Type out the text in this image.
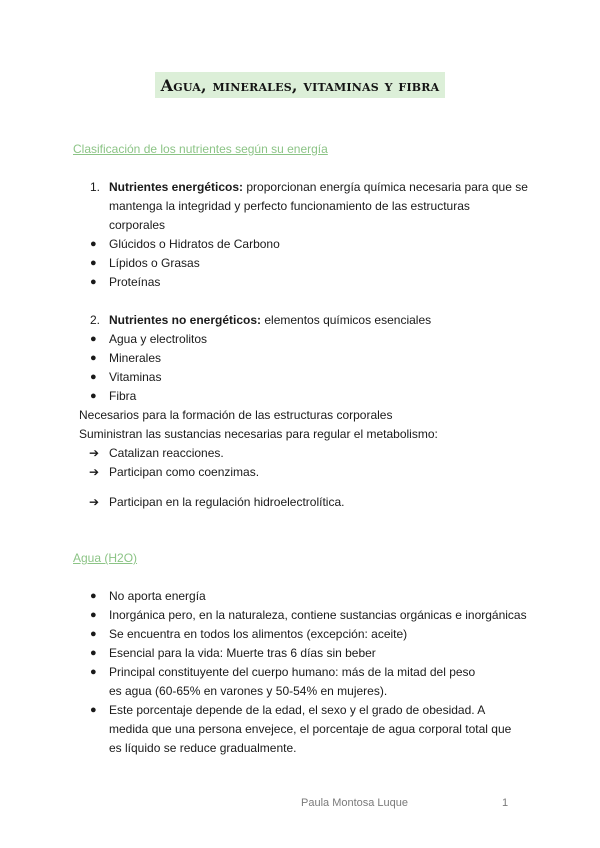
Agua, minerales, vitaminas y fibra
Clasificación de los nutrientes según su energía
1. Nutrientes energéticos: proporcionan energía química necesaria para que se
mantenga la integridad y perfecto funcionamiento de las estructuras
corporales
● Glúcidos o Hidratos de Carbono
● Lípidos o Grasas
● Proteínas
2. Nutrientes no energéticos: elementos químicos esenciales
● Agua y electrolitos
● Minerales
● Vitaminas
● Fibra
Necesarios para la formación de las estructuras corporales
Suministran las sustancias necesarias para regular el metabolismo:
➔ Catalizan reacciones.
➔ Participan como coenzimas.
➔ Participan en la regulación hidroelectrolítica.
Agua (H2O)
● No aporta energía
● Inorgánica pero, en la naturaleza, contiene sustancias orgánicas e inorgánicas
● Se encuentra en todos los alimentos (excepción: aceite)
● Esencial para la vida: Muerte tras 6 días sin beber
● Principal constituyente del cuerpo humano: más de la mitad del peso
es agua (60-65% en varones y 50-54% en mujeres).
● Este porcentaje depende de la edad, el sexo y el grado de obesidad. A
medida que una persona envejece, el porcentaje de agua corporal total que
es líquido se reduce gradualmente.
Paula Montosa Luque	1
